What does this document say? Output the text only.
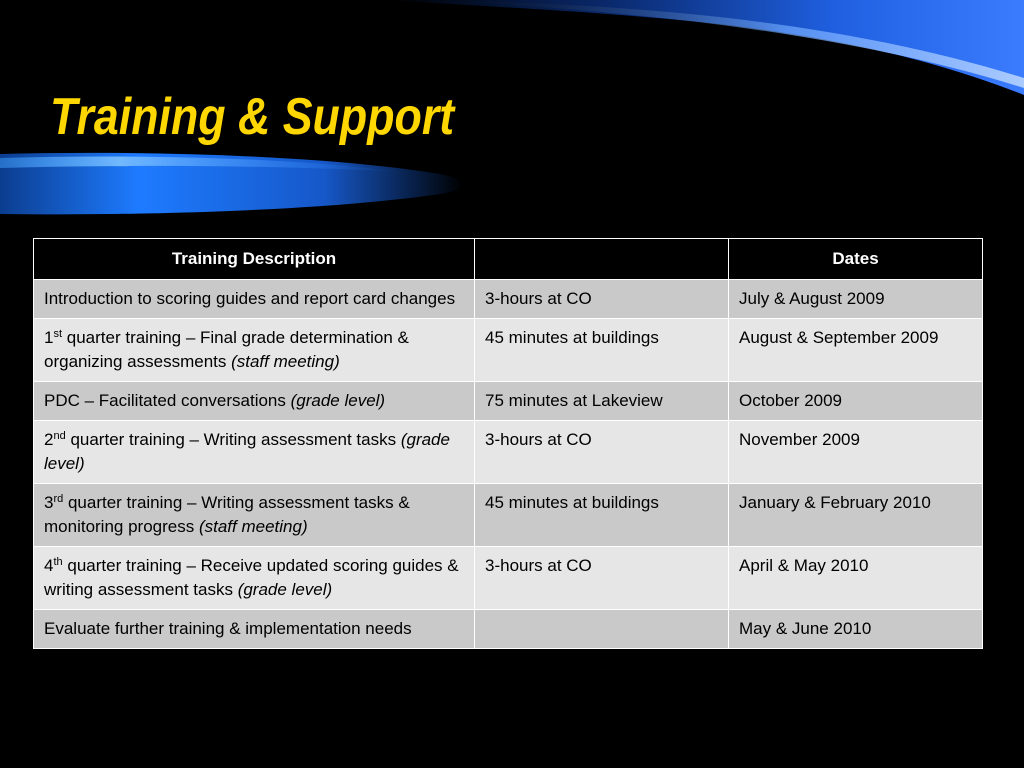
Training & Support
Training Description		Dates
Introduction to scoring guides and report card changes	3-hours at CO	July & August 2009
1st quarter training – Final grade determination & organizing assessments (staff meeting)	45 minutes at buildings	August & September 2009
PDC – Facilitated conversations (grade level)	75 minutes at Lakeview	October 2009
2nd quarter training – Writing assessment tasks (grade level)	3-hours at CO	November 2009
3rd quarter training – Writing assessment tasks & monitoring progress (staff meeting)	45 minutes at buildings	January & February 2010
4th quarter training – Receive updated scoring guides & writing assessment tasks (grade level)	3-hours at CO	April & May 2010
Evaluate further training & implementation needs		May & June 2010
